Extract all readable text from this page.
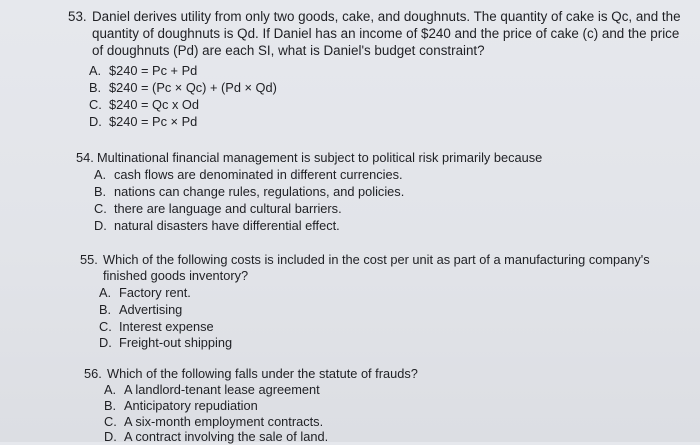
53. Daniel derives utility from only two goods, cake, and doughnuts. The quantity of cake is Qc, and the
quantity of doughnuts is Qd. If Daniel has an income of $240 and the price of cake (c) and the price
of doughnuts (Pd) are each SI, what is Daniel's budget constraint?
A. $240 = Pc + Pd
B. $240 = (Pc × Qc) + (Pd × Qd)
C. $240 = Qc x Od
D. $240 = Pc × Pd
54. Multinational financial management is subject to political risk primarily because
A. cash flows are denominated in different currencies.
B. nations can change rules, regulations, and policies.
C. there are language and cultural barriers.
D. natural disasters have differential effect.
55. Which of the following costs is included in the cost per unit as part of a manufacturing company's
finished goods inventory?
A. Factory rent.
B. Advertising
C. Interest expense
D. Freight-out shipping
56. Which of the following falls under the statute of frauds?
A. A landlord-tenant lease agreement
B. Anticipatory repudiation
C. A six-month employment contracts.
D. A contract involving the sale of land.
